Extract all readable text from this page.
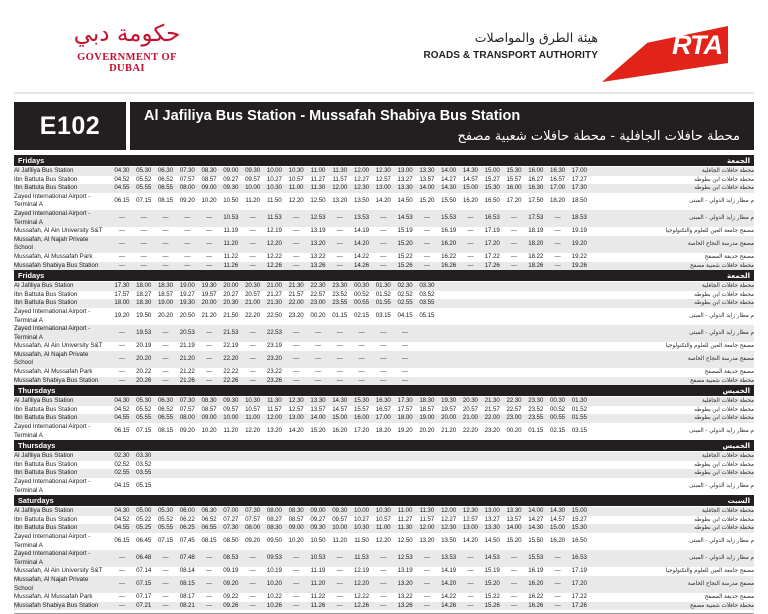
حكومة دبي
GOVERNMENT OF DUBAI
هيئة الطرق والمواصلات
ROADS & TRANSPORT AUTHORITY	RTA
E102	Al Jafiliya Bus Station - Mussafah Shabiya Bus Station
محطة حافلات الجافلية - محطة حافلات شعبية مصفح
Fridays	الجمعة
Al Jafiliya Bus Station	04.30	05.30	06.30	07.30	08.30	09.00	09.30	10.00	10.30	11.00	11.30	12.00	12.30	13.00	13.30	14.00	14.30	15.00	15.30	16.00	16.30	17.00			محطة حافلات الجافلية
Ibn Battuta Bus Station	04.52	05.52	06.52	07.57	08.57	09.27	09.57	10.27	10.57	11.27	11.57	12.27	12.57	13.27	13.57	14.27	14.57	15.27	15.57	16.27	16.57	17.27			محطة حافلات ابن بطوطه
Ibn Battuta Bus Station	04.55	05.55	06.55	08.00	09.00	09.30	10.00	10.30	11.00	11.30	12.00	12.30	13.00	13.30	14.00	14.30	15.00	15.30	16.00	16.30	17.00	17.30			محطة حافلات ابن بطوطه
Zayed International Airport -
Terminal A	06.15	07.15	08.15	09.20	10.20	10.50	11.20	11.50	12.20	12.50	13.20	13.50	14.20	14.50	15.20	15.50	16.20	16.50	17.20	17.50	18.20	18.50			م مطار زايد الدولي - المبنى
Zayed International Airport -
Terminal A	—	—	—	—	—	10.53	—	11.53	—	12.53	—	13.53	—	14.53	—	15.53	—	16.53	—	17.53	—	18.53			م مطار زايد الدولي - المبنى
Mussafah, Al Ain University S&T	—	—	—	—	—	11.19	—	12.19	—	13.19	—	14.19	—	15.19	—	16.19	—	17.19	—	18.19	—	19.19			مصفح جامعة العين للعلوم والتكنولوجيا
Mussafah, Al Najah Private
School	—	—	—	—	—	11.20	—	12.20	—	13.20	—	14.20	—	15.20	—	16.20	—	17.20	—	18.20	—	19.20			مصفح مدرسة النجاح الخاصة
Mussafah, Al Mussafah Park	—	—	—	—	—	11.22	—	12.22	—	13.22	—	14.22	—	15.22	—	16.22	—	17.22	—	18.22	—	19.22			مصفح حديقة المصفح
Mussafah Shabiya Bus Station	—	—	—	—	—	11.26	—	12.26	—	13.26	—	14.26	—	15.26	—	16.26	—	17.26	—	18.26	—	19.26			محطة حافلات شعبية مصفح
Fridays	الجمعة
Al Jafiliya Bus Station	17.30	18.00	18.30	19.00	19.30	20.00	20.30	21.00	21.30	22.30	23.30	00.30	01.30	02.30	03.30										محطة حافلات الجافلية
Ibn Battuta Bus Station	17.57	18.27	18.57	19.27	19.57	20.27	20.57	21.27	21.57	22.57	23.52	00.52	01.52	02.52	03.52										محطة حافلات ابن بطوطه
Ibn Battuta Bus Station	18.00	18.30	19.00	19.30	20.00	20.30	21.00	21.30	22.00	23.00	23.55	00.55	01.55	02.55	03.55										محطة حافلات ابن بطوطه
Zayed International Airport -
Terminal A	19.20	19.50	20.20	20.50	21.20	21.50	22.20	22.50	23.20	00.20	01.15	02.15	03.15	04.15	05.15										م مطار زايد الدولي - المبنى
Zayed International Airport -
Terminal A	—	19.53	—	20.53	—	21.53	—	22.53	—	—	—	—	—	—											م مطار زايد الدولي - المبنى
Mussafah, Al Ain University S&T	—	20.19	—	21.19	—	22.19	—	23.19	—	—	—	—	—	—											مصفح جامعة العين للعلوم والتكنولوجيا
Mussafah, Al Najah Private
School	—	20.20	—	21.20	—	22.20	—	23.20	—	—	—	—	—	—											مصفح مدرسة النجاح الخاصة
Mussafah, Al Mussafah Park	—	20.22	—	21.22	—	22.22	—	23.22	—	—	—	—	—	—											مصفح حديقة المصفح
Mussafah Shabiya Bus Station	—	20.26	—	21.26	—	22.26	—	23.26	—	—	—	—	—	—											محطة حافلات شعبية مصفح
Thursdays	الخميس
Al Jafiliya Bus Station	04.30	05.30	06.30	07.30	08.30	09.30	10.30	11.30	12.30	13.30	14.30	15.30	16.30	17.30	18.30	19.30	20.30	21.30	22.30	23.30	00.30	01.30			محطة حافلات الجافلية
Ibn Battuta Bus Station	04.52	05.52	06.52	07.57	08.57	09.57	10.57	11.57	12.57	13.57	14.57	15.57	16.57	17.57	18.57	19.57	20.57	21.57	22.57	23.52	00.52	01.52			محطة حافلات ابن بطوطه
Ibn Battuta Bus Station	04.55	05.55	06.55	08.00	09.00	10.00	11.00	12.00	13.00	14.00	15.00	16.00	17.00	18.00	19.00	20.00	21.00	22.00	23.00	23.55	00.55	01.55			محطة حافلات ابن بطوطه
Zayed International Airport -
Terminal A	06.15	07.15	08.15	09.20	10.20	11.20	12.20	13.20	14.20	15.20	16.20	17.20	18.20	19.20	20.20	21.20	22.20	23.20	00.20	01.15	02.15	03.15			م مطار زايد الدولي - المبنى
Thursdays	الخميس
Al Jafiliya Bus Station	02.30	03.30																							محطة حافلات الجافلية
Ibn Battuta Bus Station	02.52	03.52																							محطة حافلات ابن بطوطه
Ibn Battuta Bus Station	02.55	03.55																							محطة حافلات ابن بطوطه
Zayed International Airport -
Terminal A	04.15	05.15																							م مطار زايد الدولي - المبنى
Saturdays	السبت
Al Jafiliya Bus Station	04.30	05.00	05.30	06.00	06.30	07.00	07.30	08.00	08.30	09.00	09.30	10.00	10.30	11.00	11.30	12.00	12.30	13.00	13.30	14.00	14.30	15.00			محطة حافلات الجافلية
Ibn Battuta Bus Station	04.52	05.22	05.52	06.22	06.52	07.27	07.57	08.27	08.57	09.27	09.57	10.27	10.57	11.27	11.57	12.27	12.57	13.27	13.57	14.27	14.57	15.27			محطة حافلات ابن بطوطه
Ibn Battuta Bus Station	04.55	05.25	05.55	06.25	06.55	07.30	08.00	08.30	09.00	09.30	10.00	10.30	11.00	11.30	12.00	12.30	13.00	13.30	14.00	14.30	15.00	15.30			محطة حافلات ابن بطوطه
Zayed International Airport -
Terminal A	06.15	06.45	07.15	07.45	08.15	08.50	09.20	09.50	10.20	10.50	11.20	11.50	12.20	12.50	13.20	13.50	14.20	14.50	15.20	15.50	16.20	16.50			م مطار زايد الدولي - المبنى
Zayed International Airport -
Terminal A	—	06.48	—	07.48	—	08.53	—	09.53	—	10.53	—	11.53	—	12.53	—	13.53	—	14.53	—	15.53	—	16.53			م مطار زايد الدولي - المبنى
Mussafah, Al Ain University S&T	—	07.14	—	08.14	—	09.19	—	10.19	—	11.19	—	12.19	—	13.19	—	14.19	—	15.19	—	16.19	—	17.19			مصفح جامعة العين للعلوم والتكنولوجيا
Mussafah, Al Najah Private
School	—	07.15	—	08.15	—	09.20	—	10.20	—	11.20	—	12.20	—	13.20	—	14.20	—	15.20	—	16.20	—	17.20			مصفح مدرسة النجاح الخاصة
Mussafah, Al Mussafah Park	—	07.17	—	08.17	—	09.22	—	10.22	—	11.22	—	12.22	—	13.22	—	14.22	—	15.22	—	16.22	—	17.22			مصفح حديقة المصفح
Mussafah Shabiya Bus Station	—	07.21	—	08.21	—	09.26	—	10.26	—	11.26	—	12.26	—	13.26	—	14.26	—	15.26	—	16.26	—	17.26			محطة حافلات شعبية مصفح
